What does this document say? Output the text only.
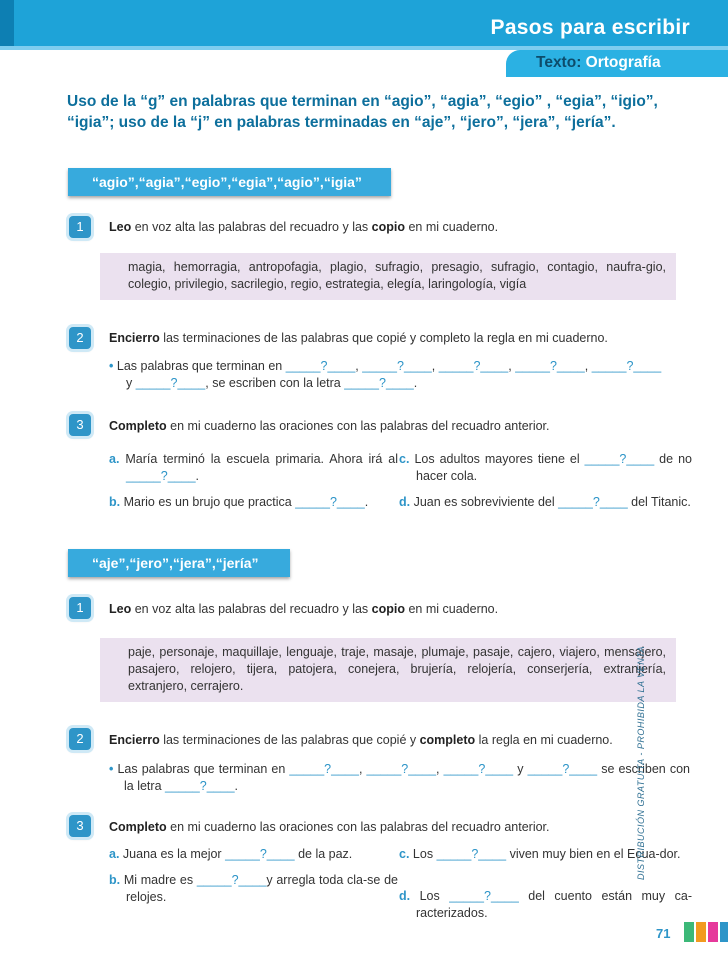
Pasos para escribir
Texto: Ortografía
Uso de la “g” en palabras que terminan en “agio”, “agia”, “egio” , “egia”, “igio”, “igia”; uso de la “j” en palabras terminadas en “aje”, “jero”, “jera”, “jería”.
“agio”,“agia”,“egio”,“egia”,“agio”,“igia”
1	Leo en voz alta las palabras del recuadro y las copio en mi cuaderno.
magia, hemorragia, antropofagia, plagio, sufragio, presagio, sufragio, contagio, naufra-gio, colegio, privilegio, sacrilegio, regio, estrategia, elegía, laringología, vigía
2	Encierro las terminaciones de las palabras que copié y completo la regla en mi cuaderno.
• Las palabras que terminan en _____?____, _____?____, _____?____, _____?____, _____?____
y _____?____, se escriben con la letra _____?____.
3	Completo en mi cuaderno las oraciones con las palabras del recuadro anterior.
a. María terminó la escuela primaria. Ahora irá al _____?____.
b. Mario es un brujo que practica _____?____.
c. Los adultos mayores tiene el _____?____ de no hacer cola.
d. Juan es sobreviviente del _____?____ del Titanic.
“aje”,“jero”,“jera”,“jería”
1	Leo en voz alta las palabras del recuadro y las copio en mi cuaderno.
paje, personaje, maquillaje, lenguaje, traje, masaje, plumaje, pasaje, cajero, viajero, mensajero, pasajero, relojero, tijera, patojera, conejera, brujería, relojería, conserjería, extranjería, extranjero, cerrajero.
2	Encierro las terminaciones de las palabras que copié y completo la regla en mi cuaderno.
• Las palabras que terminan en _____?____, _____?____, _____?____ y _____?____ se escriben con la letra _____?____.
3	Completo en mi cuaderno las oraciones con las palabras del recuadro anterior.
a. Juana es la mejor _____?____ de la paz.
b. Mi madre es _____?____y arregla toda cla-se de relojes.
c. Los _____?____ viven muy bien en el Ecua-dor.
d. Los _____?____ del cuento están muy ca-racterizados.
DISTRIBUCIÓN GRATUITA - PROHIBIDA LA VENTA
71
